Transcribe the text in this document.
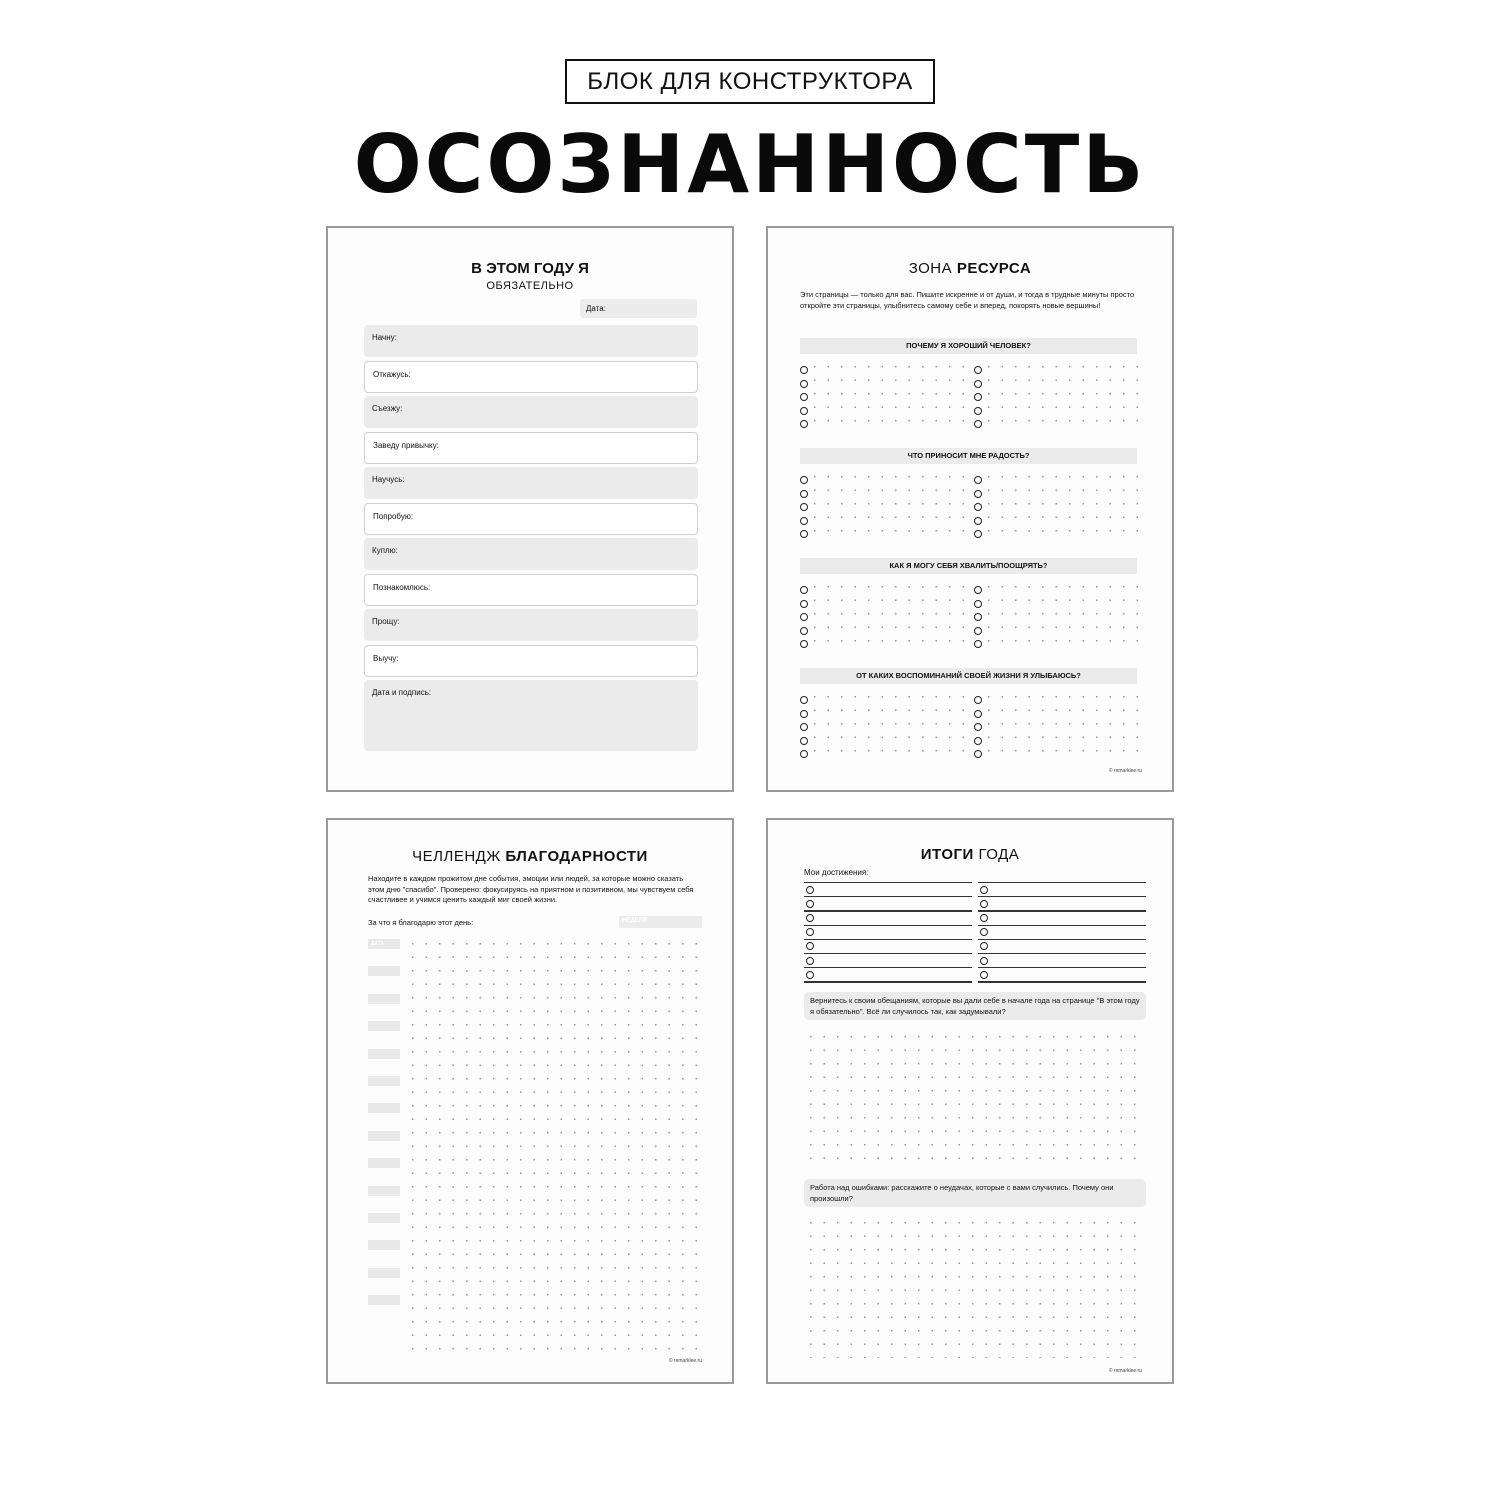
БЛОК ДЛЯ КОНСТРУКТОРА
ОСОЗНАННОСТЬ
В ЭТОМ ГОДУ Я
ОБЯЗАТЕЛЬНО
Дата:
Начну:
Откажусь:
Съезжу:
Заведу привычку:
Научусь:
Попробую:
Куплю:
Познакомлюсь:
Прощу:
Выучу:
Дата и подпись:
ЗОНА РЕСУРСА
Эти страницы — только для вас. Пишите искренне и от души, и тогда в трудные минуты просто откройте эти страницы, улыбнитесь самому себе и вперед, покорять новые вершины!
ПОЧЕМУ Я ХОРОШИЙ ЧЕЛОВЕК?
ЧТО ПРИНОСИТ МНЕ РАДОСТЬ?
КАК Я МОГУ СЕБЯ ХВАЛИТЬ/ПООЩРЯТЬ?
ОТ КАКИХ ВОСПОМИНАНИЙ СВОЕЙ ЖИЗНИ Я УЛЫБАЮСЬ?
© remarklee.ru
ЧЕЛЛЕНДЖ БЛАГОДАРНОСТИ
Находите в каждом прожитом дне события, эмоции или людей, за которые можно сказать этом дню "спасибо". Проверено: фокусируясь на приятном и позитивном, мы чувствуем себя счастливее и учимся ценить каждый миг своей жизни.
За что я благодарю этот день:	НЕДЕЛЯ
ДАТА
© remarklee.ru
ИТОГИ ГОДА
Мои достижения:
Вернитесь к своим обещаниям, которые вы дали себе в начале года на странице "В этом году я обязательно". Всё ли случилось так, как задумывали?
Работа над ошибками: расскажите о неудачах, которые с вами случились. Почему они произошли?
© remarklee.ru
